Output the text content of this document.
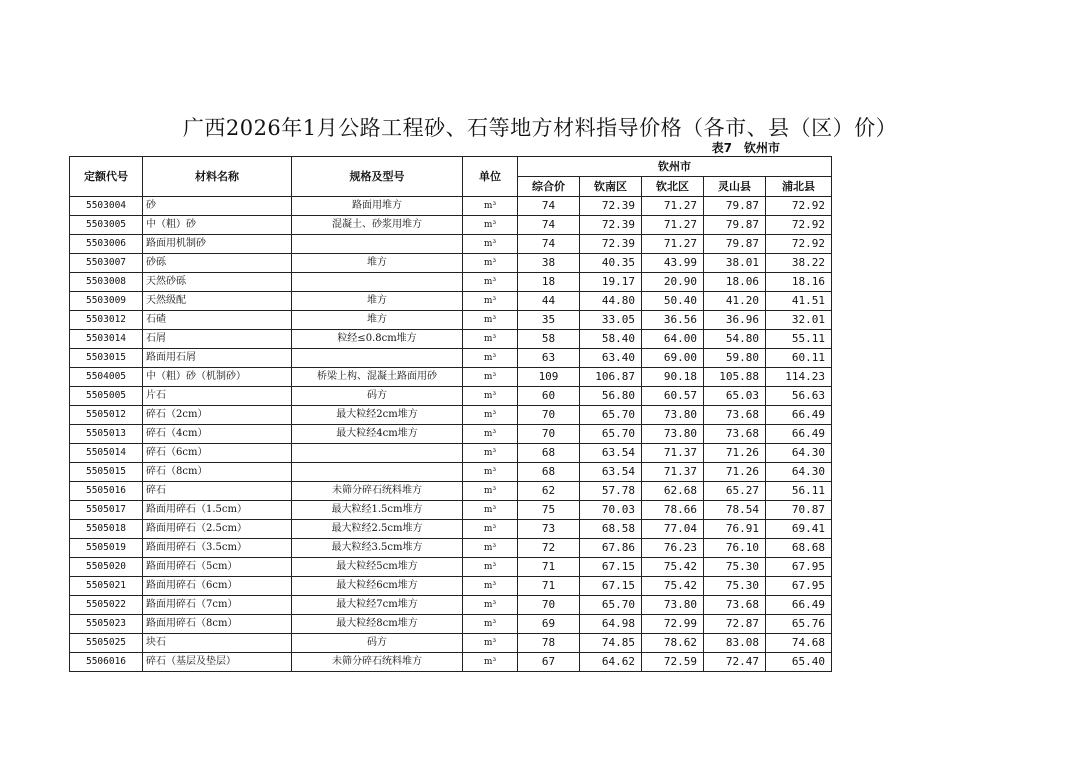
广西2026年1月公路工程砂、石等地方材料指导价格（各市、县（区）价）
表7　钦州市
定额代号	材料名称	规格及型号	单位	钦州市				
				综合价	钦南区	钦北区	灵山县	浦北县
5503004	砂	路面用堆方	m³	74	72.39	71.27	79.87	72.92
5503005	中（粗）砂	混凝土、砂浆用堆方	m³	74	72.39	71.27	79.87	72.92
5503006	路面用机制砂		m³	74	72.39	71.27	79.87	72.92
5503007	砂砾	堆方	m³	38	40.35	43.99	38.01	38.22
5503008	天然砂砾		m³	18	19.17	20.90	18.06	18.16
5503009	天然级配	堆方	m³	44	44.80	50.40	41.20	41.51
5503012	石碴	堆方	m³	35	33.05	36.56	36.96	32.01
5503014	石屑	粒经≤0.8cm堆方	m³	58	58.40	64.00	54.80	55.11
5503015	路面用石屑		m³	63	63.40	69.00	59.80	60.11
5504005	中（粗）砂（机制砂）	桥梁上构、混凝土路面用砂	m³	109	106.87	90.18	105.88	114.23
5505005	片石	码方	m³	60	56.80	60.57	65.03	56.63
5505012	碎石（2cm）	最大粒经2cm堆方	m³	70	65.70	73.80	73.68	66.49
5505013	碎石（4cm）	最大粒经4cm堆方	m³	70	65.70	73.80	73.68	66.49
5505014	碎石（6cm）		m³	68	63.54	71.37	71.26	64.30
5505015	碎石（8cm）		m³	68	63.54	71.37	71.26	64.30
5505016	碎石	未筛分碎石统料堆方	m³	62	57.78	62.68	65.27	56.11
5505017	路面用碎石（1.5cm）	最大粒经1.5cm堆方	m³	75	70.03	78.66	78.54	70.87
5505018	路面用碎石（2.5cm）	最大粒经2.5cm堆方	m³	73	68.58	77.04	76.91	69.41
5505019	路面用碎石（3.5cm）	最大粒经3.5cm堆方	m³	72	67.86	76.23	76.10	68.68
5505020	路面用碎石（5cm）	最大粒经5cm堆方	m³	71	67.15	75.42	75.30	67.95
5505021	路面用碎石（6cm）	最大粒经6cm堆方	m³	71	67.15	75.42	75.30	67.95
5505022	路面用碎石（7cm）	最大粒经7cm堆方	m³	70	65.70	73.80	73.68	66.49
5505023	路面用碎石（8cm）	最大粒经8cm堆方	m³	69	64.98	72.99	72.87	65.76
5505025	块石	码方	m³	78	74.85	78.62	83.08	74.68
5506016	碎石（基层及垫层）	未筛分碎石统料堆方	m³	67	64.62	72.59	72.47	65.40
